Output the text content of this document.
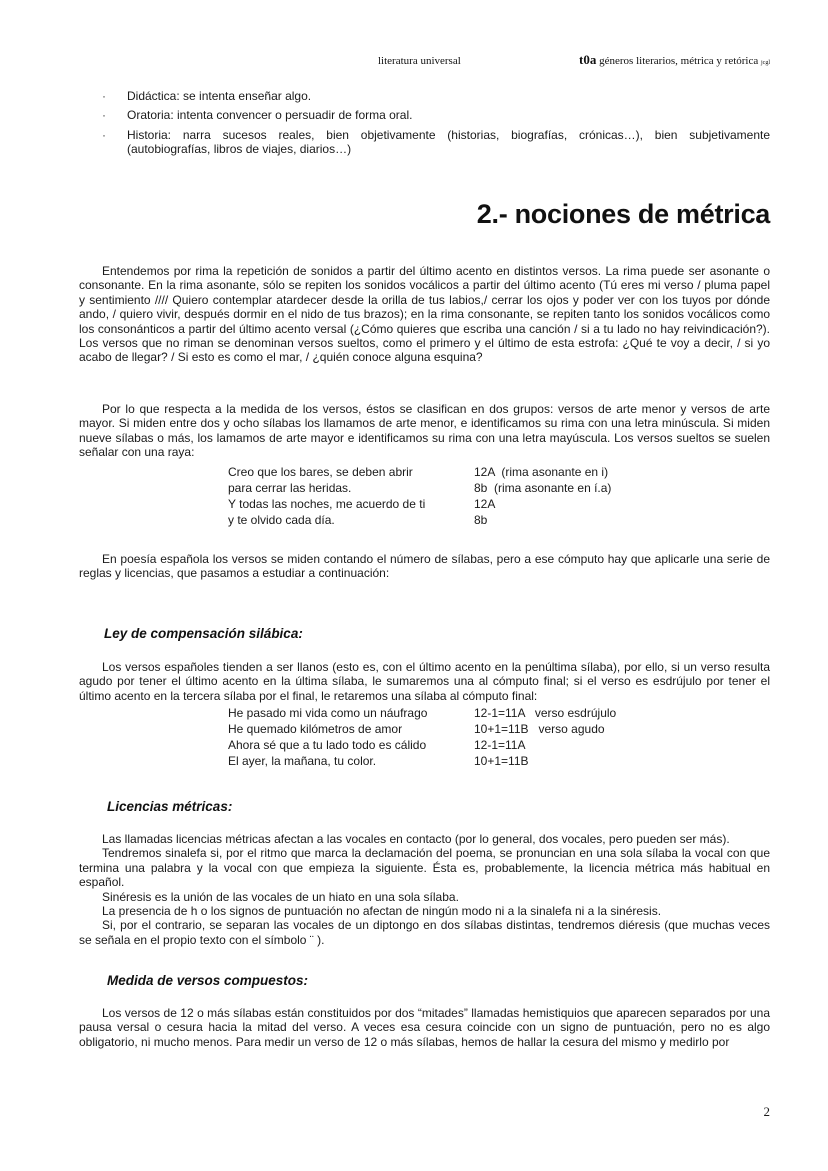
literatura universal	t0a géneros literarios, métrica y retórica jcgl
· Didáctica: se intenta enseñar algo.
· Oratoria: intenta convencer o persuadir de forma oral.
· Historia: narra sucesos reales, bien objetivamente (historias, biografías, crónicas…), bien subjetivamente (autobiografías, libros de viajes, diarios…)
2.- nociones de métrica

Entendemos por rima la repetición de sonidos a partir del último acento en distintos versos. La rima puede ser asonante o consonante. En la rima asonante, sólo se repiten los sonidos vocálicos a partir del último acento (Tú eres mi verso / pluma papel y sentimiento //// Quiero contemplar atardecer desde la orilla de tus labios,/ cerrar los ojos y poder ver con los tuyos por dónde ando, / quiero vivir, después dormir en el nido de tus brazos); en la rima consonante, se repiten tanto los sonidos vocálicos como los consonánticos a partir del último acento versal (¿Cómo quieres que escriba una canción / si a tu lado no hay reivindicación?). Los versos que no riman se denominan versos sueltos, como el primero y el último de esta estrofa: ¿Qué te voy a decir, / si yo acabo de llegar? / Si esto es como el mar, / ¿quién conoce alguna esquina?

Por lo que respecta a la medida de los versos, éstos se clasifican en dos grupos: versos de arte menor y versos de arte mayor. Si miden entre dos y ocho sílabas los llamamos de arte menor, e identificamos su rima con una letra minúscula. Si miden nueve sílabas o más, los lamamos de arte mayor e identificamos su rima con una letra mayúscula. Los versos sueltos se suelen señalar con una raya:

Creo que los bares, se deben abrir	12A  (rima asonante en i)
para cerrar las heridas.	8b  (rima asonante en í.a)
Y todas las noches, me acuerdo de ti	12A
y te olvido cada día.	8b

En poesía española los versos se miden contando el número de sílabas, pero a ese cómputo hay que aplicarle una serie de reglas y licencias, que pasamos a estudiar a continuación:

Ley de compensación silábica:

Los versos españoles tienden a ser llanos (esto es, con el último acento en la penúltima sílaba), por ello, si un verso resulta agudo por tener el último acento en la última sílaba, le sumaremos una al cómputo final; si el verso es esdrújulo por tener el último acento en la tercera sílaba por el final, le retaremos una sílaba al cómputo final:

He pasado mi vida como un náufrago	12-1=11A   verso esdrújulo
He quemado kilómetros de amor	10+1=11B   verso agudo
Ahora sé que a tu lado todo es cálido	12-1=11A
El ayer, la mañana, tu color.	10+1=11B
Licencias métricas:

Las llamadas licencias métricas afectan a las vocales en contacto (por lo general, dos vocales, pero pueden ser más).

Tendremos sinalefa si, por el ritmo que marca la declamación del poema, se pronuncian en una sola sílaba la vocal con que termina una palabra y la vocal con que empieza la siguiente. Ésta es, probablemente, la licencia métrica más habitual en español.

Sinéresis es la unión de las vocales de un hiato en una sola sílaba.

La presencia de h o los signos de puntuación no afectan de ningún modo ni a la sinalefa ni a la sinéresis.

Si, por el contrario, se separan las vocales de un diptongo en dos sílabas distintas, tendremos diéresis (que muchas veces se señala en el propio texto con el símbolo ¨ ).

Medida de versos compuestos:

Los versos de 12 o más sílabas están constituidos por dos “mitades” llamadas hemistiquios que aparecen separados por una pausa versal o cesura hacia la mitad del verso. A veces esa cesura coincide con un signo de puntuación, pero no es algo obligatorio, ni mucho menos. Para medir un verso de 12 o más sílabas, hemos de hallar la cesura del mismo y medirlo por

2
